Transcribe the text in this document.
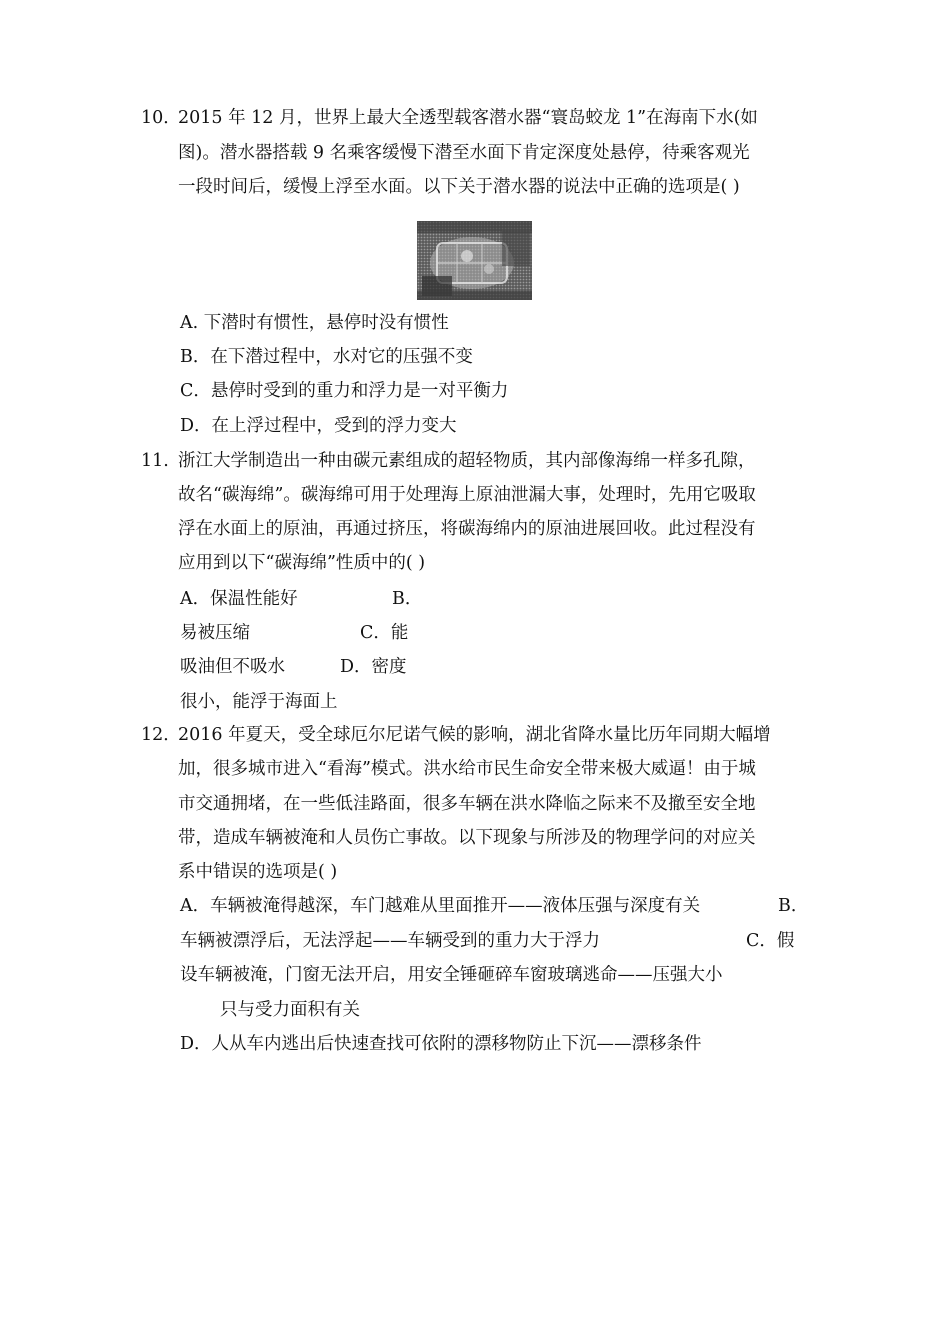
10．
2015 年 12 月，世界上最大全透型载客潜水器“寰岛蛟龙 1”在海南下水(如
图)。潜水器搭载 9 名乘客缓慢下潜至水面下肯定深度处悬停，待乘客观光
一段时间后，缓慢上浮至水面。以下关于潜水器的说法中正确的选项是( )
A. 下潜时有惯性，悬停时没有惯性
B．在下潜过程中，水对它的压强不变
C．悬停时受到的重力和浮力是一对平衡力
D．在上浮过程中，受到的浮力变大
11. 浙江大学制造出一种由碳元素组成的超轻物质，其内部像海绵一样多孔隙，
故名“碳海绵”。碳海绵可用于处理海上原油泄漏大事，处理时，先用它吸取
浮在水面上的原油，再通过挤压，将碳海绵内的原油进展回收。此过程没有
应用到以下“碳海绵”性质中的( )
A．保温性能好	B．
易被压缩	C．能
吸油但不吸水	D．密度
很小，能浮于海面上
12．
2016 年夏天，受全球厄尔尼诺气候的影响，湖北省降水量比历年同期大幅增
加，很多城市进入“看海”模式。洪水给市民生命安全带来极大威逼！由于城
市交通拥堵，在一些低洼路面，很多车辆在洪水降临之际来不及撤至安全地
带，造成车辆被淹和人员伤亡事故。以下现象与所涉及的物理学问的对应关
系中错误的选项是( )
A．车辆被淹得越深，车门越难从里面推开——液体压强与深度有关	B．
车辆被漂浮后，无法浮起——车辆受到的重力大于浮力	C．假
设车辆被淹，门窗无法开启，用安全锤砸碎车窗玻璃逃命——压强大小
只与受力面积有关
D．人从车内逃出后快速查找可依附的漂移物防止下沉——漂移条件
